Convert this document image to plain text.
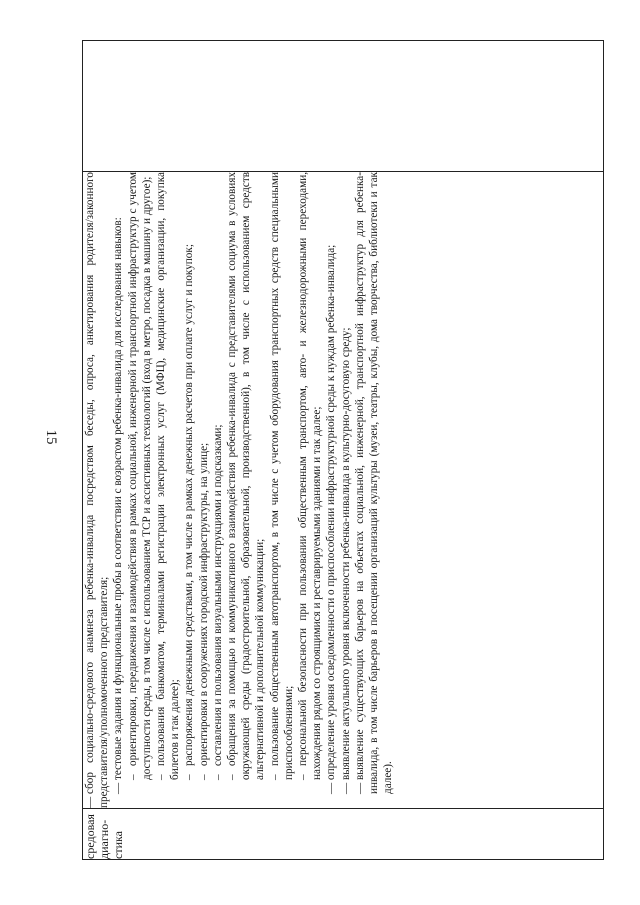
15
средовая диагно-стика	
—сбор социально-средового анамнеза ребенка-инвалида посредством беседы, опроса, анкетирования родителя/законного представителя/уполномоченного представителя; —тестовые задания и функциональные пробы в соответствии с возрастом ребенка-инвалида для исследования навыков: –ориентировки, передвижения и взаимодействия в рамках социальной, инженерной и транспортной инфраструктур с учетом доступности среды, в том числе с использованием ТСР и ассистивных технологий (вход в метро, посадка в машину и другое); –пользования банкоматом, терминалами регистрации электронных услуг (МФЦ), медицинские организации, покупка билетов и так далее); –распоряжения денежными средствами, в том числе в рамках денежных расчетов при оплате услуг и покупок;
–ориентировки в сооружениях городской инфраструктуры, на улице;
–составления и пользования визуальными инструкциями и подсказками;
–обращения за помощью и коммуникативного взаимодействия ребенка-инвалида с представителями социума в условиях окружающей среды (градостроительной, образовательной, производственной), в том числе с использованием средств альтернативной и дополнительной коммуникации; –пользование общественным автотранспортом, в том числе с учетом оборудования транспортных средств специальными приспособлениями; –персональной безопасности при пользовании общественным транспортом, авто- и железнодорожными переходами, нахождения рядом со строящимися и реставрируемыми зданиями и так далее;
—определение уровня осведомленности о приспособлении инфраструктурной среды к нуждам ребенка-инвалида;
—выявление актуального уровня включенности ребенка-инвалида в культурно-досуговую среду;
—выявление существующих барьеров на объектах социальной, инженерной, транспортной инфраструктур для ребенка-инвалида, в том числе барьеров в посещении организаций культуры (музеи, театры, клубы, дома творчества, библиотеки и так далее).
